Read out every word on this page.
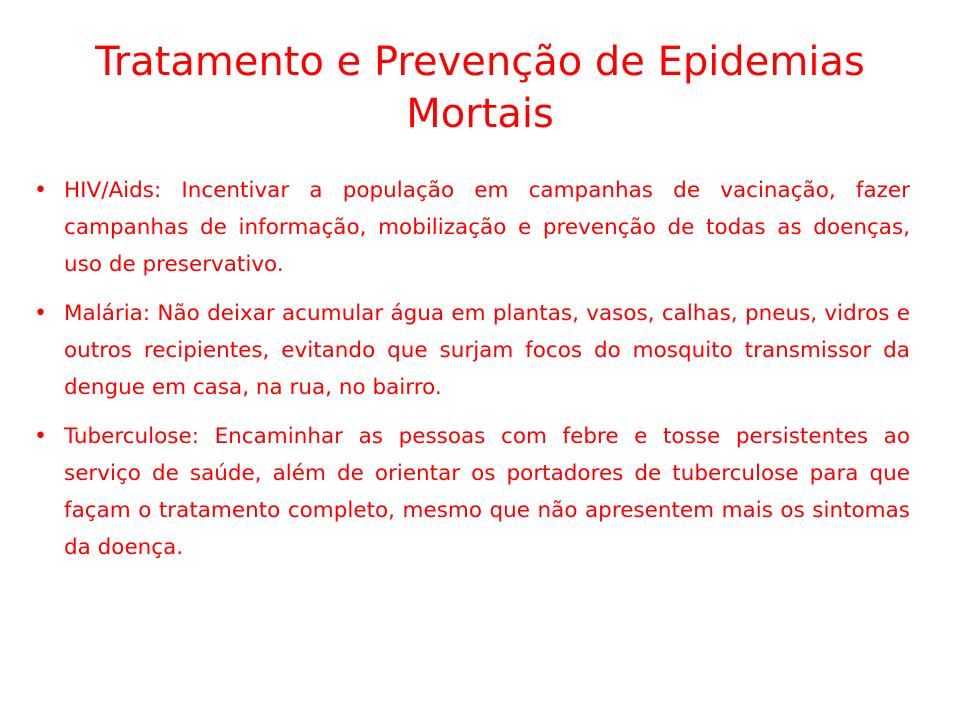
Tratamento e Prevenção de Epidemias Mortais
• HIV/Aids: Incentivar a população em campanhas de vacinação, fazer campanhas de informação, mobilização e prevenção de todas as doenças, uso de preservativo.
• Malária: Não deixar acumular água em plantas, vasos, calhas, pneus, vidros e outros recipientes, evitando que surjam focos do mosquito transmissor da dengue em casa, na rua, no bairro.
• Tuberculose: Encaminhar as pessoas com febre e tosse persistentes ao serviço de saúde, além de orientar os portadores de tuberculose para que façam o tratamento completo, mesmo que não apresentem mais os sintomas da doença.
